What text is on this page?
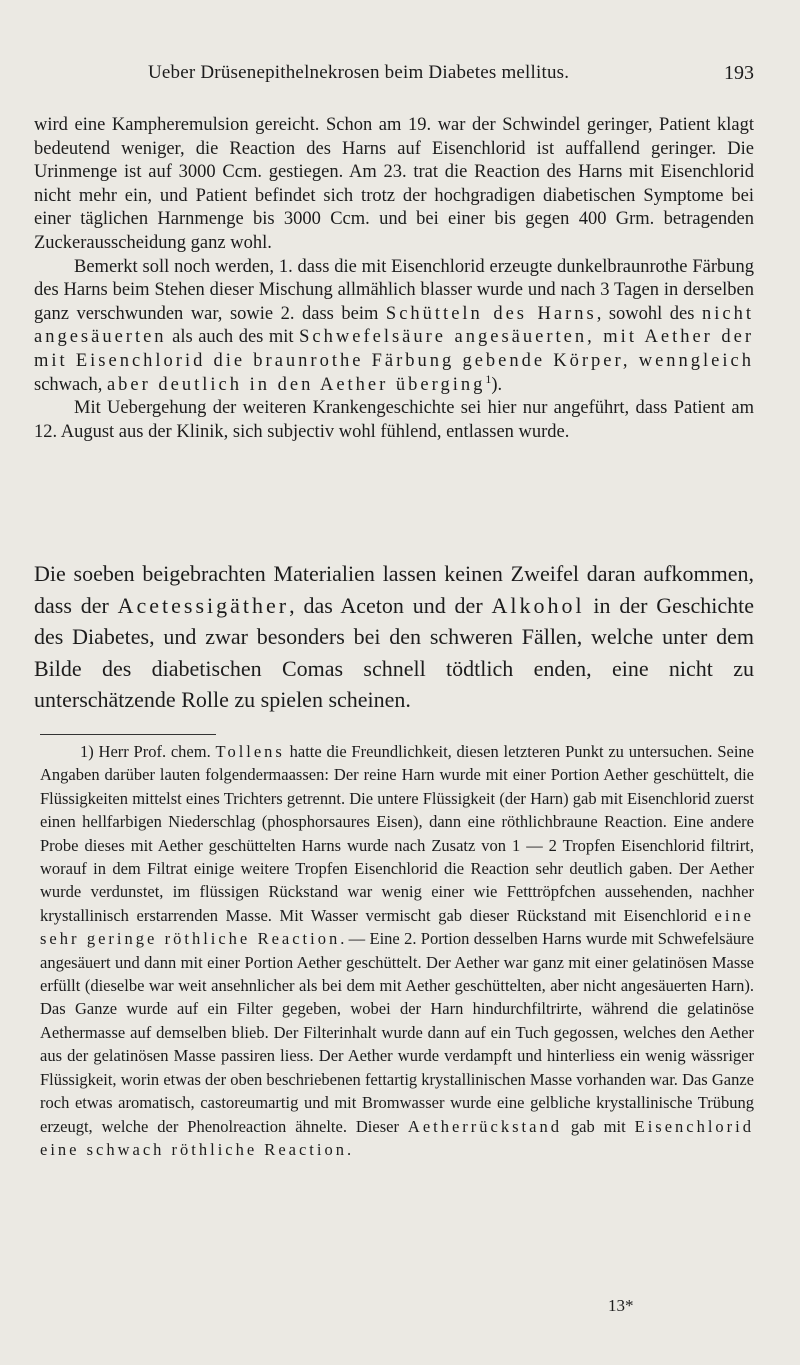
Ueber Drüsenepithelnekrosen beim Diabetes mellitus.	193

wird eine Kampheremulsion gereicht. Schon am 19. war der Schwindel geringer, Patient klagt bedeutend weniger, die Reaction des Harns auf Eisenchlorid ist auffallend geringer. Die Urinmenge ist auf 3000 Ccm. gestiegen. Am 23. trat die Reaction des Harns mit Eisenchlorid nicht mehr ein, und Patient befindet sich trotz der hochgradigen diabetischen Symptome bei einer täglichen Harnmenge bis 3000 Ccm. und bei einer bis gegen 400 Grm. betragenden Zuckerausscheidung ganz wohl.

Bemerkt soll noch werden, 1. dass die mit Eisenchlorid erzeugte dunkelbraunrothe Färbung des Harns beim Stehen dieser Mischung allmählich blasser wurde und nach 3 Tagen in derselben ganz verschwunden war, sowie 2. dass beim Schütteln des Harns, sowohl des nicht angesäuerten als auch des mit Schwefelsäure angesäuerten, mit Aether der mit Eisenchlorid die braunrothe Färbung gebende Körper, wenngleich schwach, aber deutlich in den Aether überging$^1$).

Mit Uebergehung der weiteren Krankengeschichte sei hier nur angeführt, dass Patient am 12. August aus der Klinik, sich subjectiv wohl fühlend, entlassen wurde.

Die soeben beigebrachten Materialien lassen keinen Zweifel daran aufkommen, dass der Acetessigäther, das Aceton und der Alkohol in der Geschichte des Diabetes, und zwar besonders bei den schweren Fällen, welche unter dem Bilde des diabetischen Comas schnell tödtlich enden, eine nicht zu unterschätzende Rolle zu spielen scheinen.

1) Herr Prof. chem. Tollens hatte die Freundlichkeit, diesen letzteren Punkt zu untersuchen. Seine Angaben darüber lauten folgendermaassen: Der reine Harn wurde mit einer Portion Aether geschüttelt, die Flüssigkeiten mittelst eines Trichters getrennt. Die untere Flüssigkeit (der Harn) gab mit Eisenchlorid zuerst einen hellfarbigen Niederschlag (phosphorsaures Eisen), dann eine röthlichbraune Reaction. Eine andere Probe dieses mit Aether geschüttelten Harns wurde nach Zusatz von 1 — 2 Tropfen Eisenchlorid filtrirt, worauf in dem Filtrat einige weitere Tropfen Eisenchlorid die Reaction sehr deutlich gaben. Der Aether wurde verdunstet, im flüssigen Rückstand war wenig einer wie Fetttröpfchen aussehenden, nachher krystallinisch erstarrenden Masse. Mit Wasser vermischt gab dieser Rückstand mit Eisenchlorid eine sehr geringe röthliche Reaction. — Eine 2. Portion desselben Harns wurde mit Schwefelsäure angesäuert und dann mit einer Portion Aether geschüttelt. Der Aether war ganz mit einer gelatinösen Masse erfüllt (dieselbe war weit ansehnlicher als bei dem mit Aether geschüttelten, aber nicht angesäuerten Harn). Das Ganze wurde auf ein Filter gegeben, wobei der Harn hindurchfiltrirte, während die gelatinöse Aethermasse auf demselben blieb. Der Filterinhalt wurde dann auf ein Tuch gegossen, welches den Aether aus der gelatinösen Masse passiren liess. Der Aether wurde verdampft und hinterliess ein wenig wässriger Flüssigkeit, worin etwas der oben beschriebenen fettartig krystallinischen Masse vorhanden war. Das Ganze roch etwas aromatisch, castoreumartig und mit Bromwasser wurde eine gelbliche krystallinische Trübung erzeugt, welche der Phenolreaction ähnelte. Dieser Aetherrückstand gab mit Eisenchlorid eine schwach röthliche Reaction.

13*
